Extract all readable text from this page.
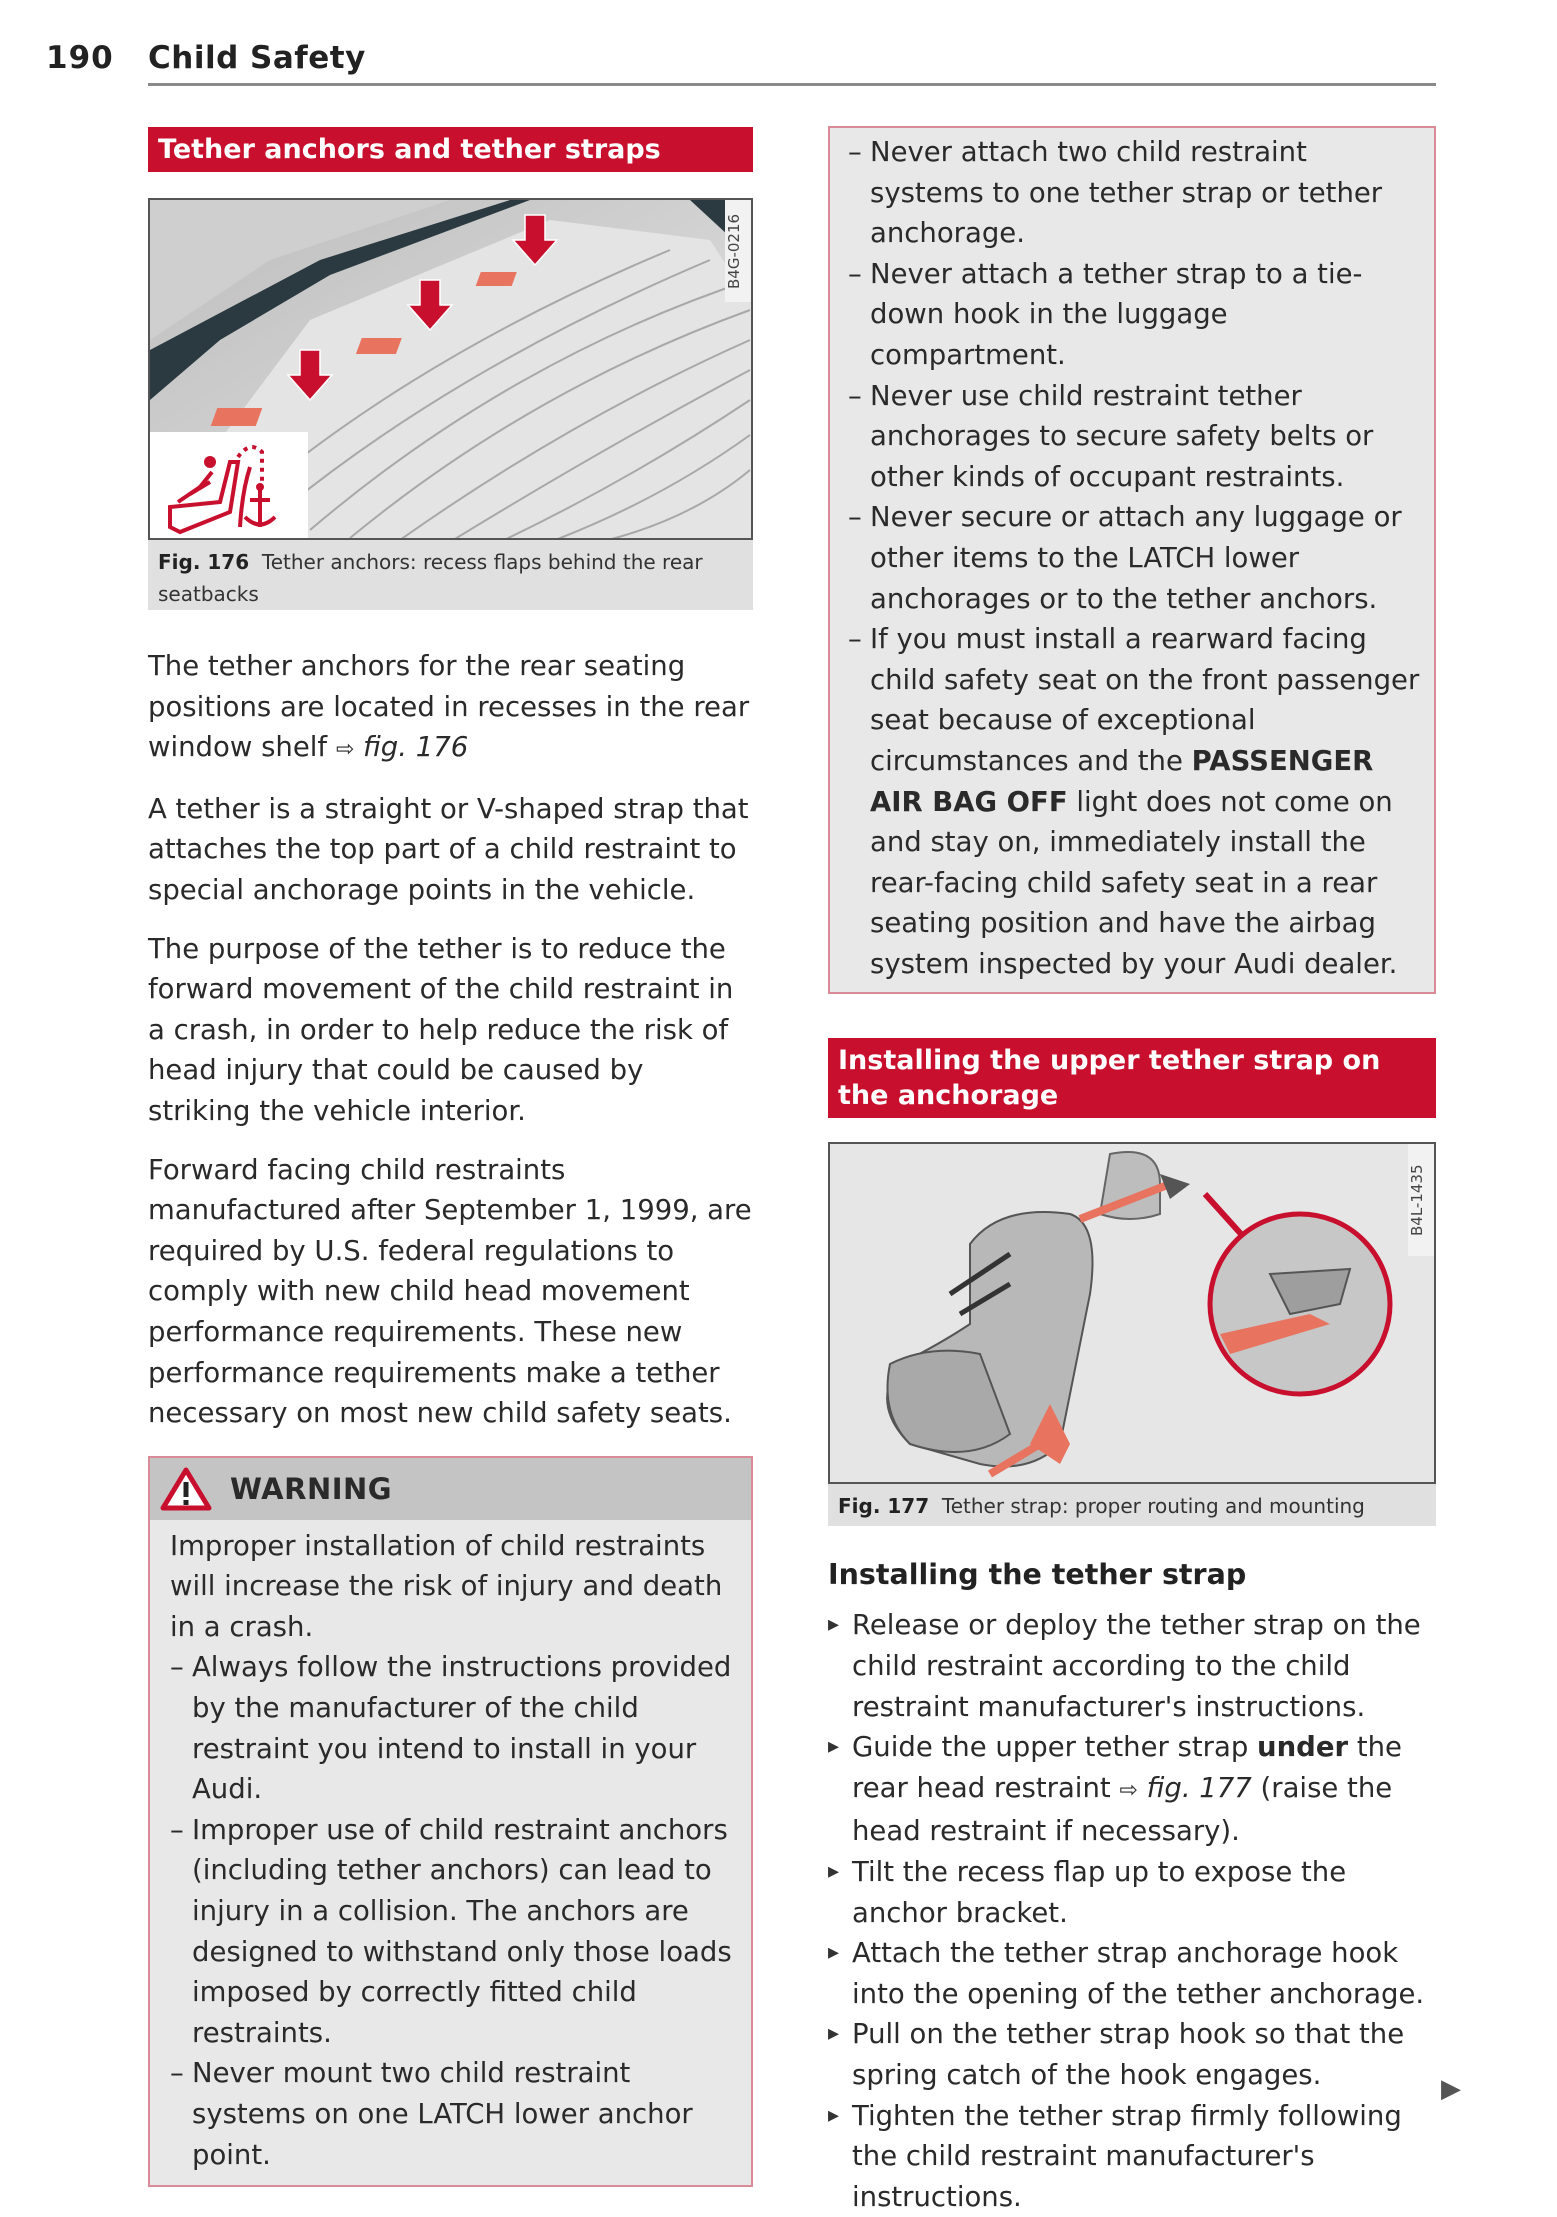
190 Child Safety
Tether anchors and tether straps
B4G-0216
Fig. 176 Tether anchors: recess flaps behind the rear seatbacks

The tether anchors for the rear seating positions are located in recesses in the rear window shelf ⇨ fig. 176

A tether is a straight or V-shaped strap that attaches the top part of a child restraint to special anchorage points in the vehicle.

The purpose of the tether is to reduce the forward movement of the child restraint in a crash, in order to help reduce the risk of head injury that could be caused by striking the vehicle interior.

Forward facing child restraints manufactured after September 1, 1999, are required by U.S. federal regulations to comply with new child head movement performance requirements. These new performance requirements make a tether necessary on most new child safety seats.

WARNING

Improper installation of child restraints will increase the risk of injury and death in a crash.

– Always follow the instructions provided by the manufacturer of the child restraint you intend to install in your Audi.
– Improper use of child restraint anchors (including tether anchors) can lead to injury in a collision. The anchors are designed to withstand only those loads imposed by correctly fitted child restraints.
– Never mount two child restraint systems on one LATCH lower anchor point.
– Never attach two child restraint systems to one tether strap or tether anchorage.
– Never attach a tether strap to a tie-down hook in the luggage compartment.
– Never use child restraint tether anchorages to secure safety belts or other kinds of occupant restraints.
– Never secure or attach any luggage or other items to the LATCH lower anchorages or to the tether anchors.
– If you must install a rearward facing child safety seat on the front passenger seat because of exceptional circumstances and the PASSENGER AIR BAG OFF light does not come on and stay on, immediately install the rear-facing child safety seat in a rear seating position and have the airbag system inspected by your Audi dealer.
Installing the upper tether strap on the anchorage
B4L-1435
Fig. 177 Tether strap: proper routing and mounting
Installing the tether strap
▸ Release or deploy the tether strap on the child restraint according to the child restraint manufacturer's instructions.
▸ Guide the upper tether strap under the rear head restraint ⇨ fig. 177 (raise the head restraint if necessary).
▸ Tilt the recess flap up to expose the anchor bracket.
▸ Attach the tether strap anchorage hook into the opening of the tether anchorage.
▸ Pull on the tether strap hook so that the spring catch of the hook engages.
▸ Tighten the tether strap firmly following the child restraint manufacturer's instructions.
▶
